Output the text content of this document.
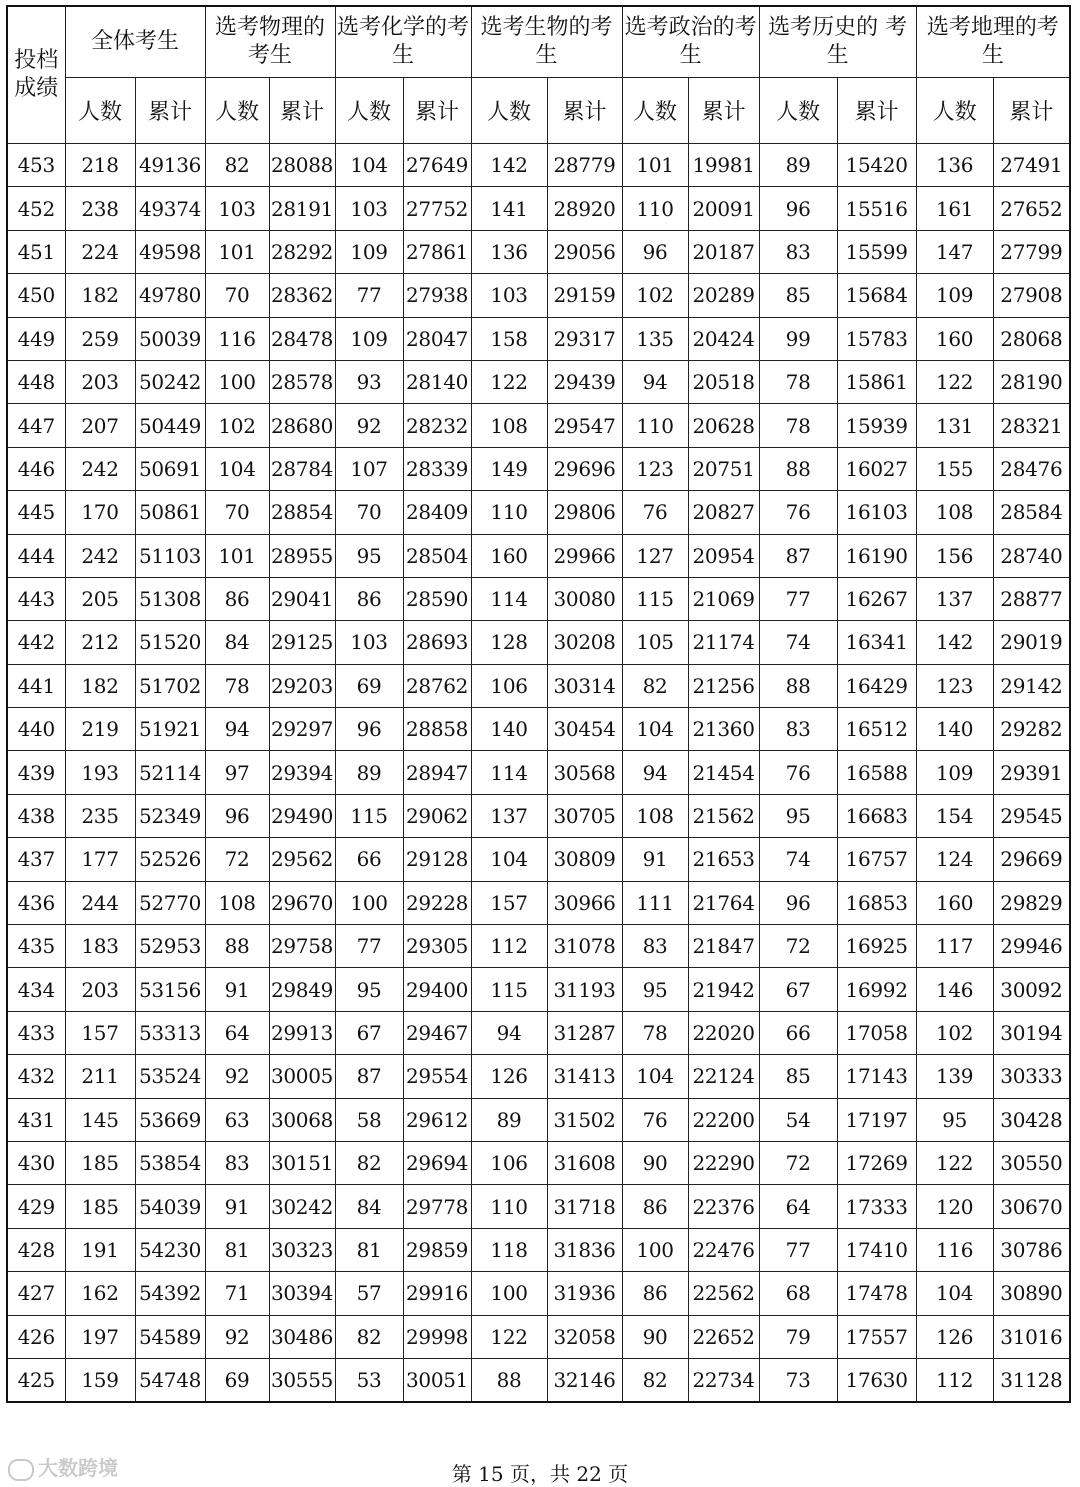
投档成绩	全体考生		选考物理的考生		选考化学的考生		选考生物的考生		选考政治的考生		选考历史的 考生		选考地理的考生	
	人数	累计	人数	累计	人数	累计	人数	累计	人数	累计	人数	累计	人数	累计
453	218	49136	82	28088	104	27649	142	28779	101	19981	89	15420	136	27491
452	238	49374	103	28191	103	27752	141	28920	110	20091	96	15516	161	27652
451	224	49598	101	28292	109	27861	136	29056	96	20187	83	15599	147	27799
450	182	49780	70	28362	77	27938	103	29159	102	20289	85	15684	109	27908
449	259	50039	116	28478	109	28047	158	29317	135	20424	99	15783	160	28068
448	203	50242	100	28578	93	28140	122	29439	94	20518	78	15861	122	28190
447	207	50449	102	28680	92	28232	108	29547	110	20628	78	15939	131	28321
446	242	50691	104	28784	107	28339	149	29696	123	20751	88	16027	155	28476
445	170	50861	70	28854	70	28409	110	29806	76	20827	76	16103	108	28584
444	242	51103	101	28955	95	28504	160	29966	127	20954	87	16190	156	28740
443	205	51308	86	29041	86	28590	114	30080	115	21069	77	16267	137	28877
442	212	51520	84	29125	103	28693	128	30208	105	21174	74	16341	142	29019
441	182	51702	78	29203	69	28762	106	30314	82	21256	88	16429	123	29142
440	219	51921	94	29297	96	28858	140	30454	104	21360	83	16512	140	29282
439	193	52114	97	29394	89	28947	114	30568	94	21454	76	16588	109	29391
438	235	52349	96	29490	115	29062	137	30705	108	21562	95	16683	154	29545
437	177	52526	72	29562	66	29128	104	30809	91	21653	74	16757	124	29669
436	244	52770	108	29670	100	29228	157	30966	111	21764	96	16853	160	29829
435	183	52953	88	29758	77	29305	112	31078	83	21847	72	16925	117	29946
434	203	53156	91	29849	95	29400	115	31193	95	21942	67	16992	146	30092
433	157	53313	64	29913	67	29467	94	31287	78	22020	66	17058	102	30194
432	211	53524	92	30005	87	29554	126	31413	104	22124	85	17143	139	30333
431	145	53669	63	30068	58	29612	89	31502	76	22200	54	17197	95	30428
430	185	53854	83	30151	82	29694	106	31608	90	22290	72	17269	122	30550
429	185	54039	91	30242	84	29778	110	31718	86	22376	64	17333	120	30670
428	191	54230	81	30323	81	29859	118	31836	100	22476	77	17410	116	30786
427	162	54392	71	30394	57	29916	100	31936	86	22562	68	17478	104	30890
426	197	54589	92	30486	82	29998	122	32058	90	22652	79	17557	126	31016
425	159	54748	69	30555	53	30051	88	32146	82	22734	73	17630	112	31128
大数跨境	第 15 页，共 22 页
